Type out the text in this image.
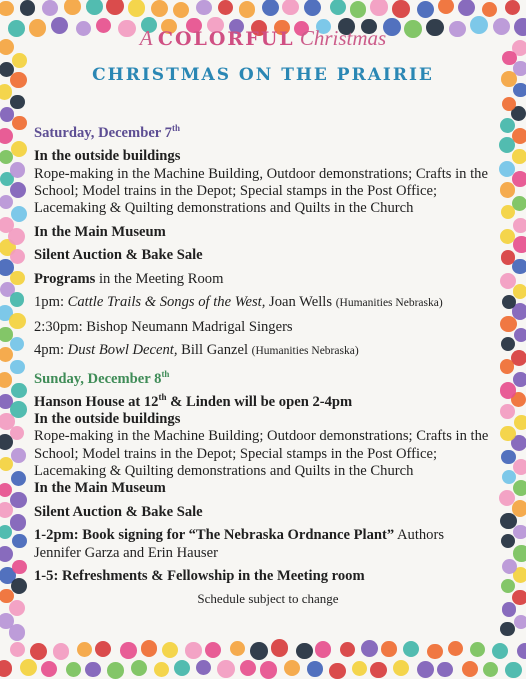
A COLORFUL Christmas
CHRISTMAS ON THE PRAIRIE

Saturday, December 7th

In the outside buildings

Rope-making in the Machine Building, Outdoor demonstrations; Crafts in the School; Model trains in the Depot; Special stamps in the Post Office; Lacemaking & Quilting demonstrations and Quilts in the Church

In the Main Museum

Silent Auction & Bake Sale

Programs in the Meeting Room

1pm: Cattle Trails & Songs of the West, Joan Wells (Humanities Nebraska)

2:30pm: Bishop Neumann Madrigal Singers

4pm: Dust Bowl Decent, Bill Ganzel (Humanities Nebraska)

Sunday, December 8th

Hanson House at 12th & Linden will be open 2-4pm

In the outside buildings

Rope-making in the Machine Building; Outdoor demonstrations; Crafts in the School; Model trains in the Depot; Special stamps in the Post Office; Lacemaking & Quilting demonstrations and Quilts in the Church

In the Main Museum

Silent Auction & Bake Sale

1-2pm: Book signing for “The Nebraska Ordnance Plant” Authors Jennifer Garza and Erin Hauser

1-5: Refreshments & Fellowship in the Meeting room

Schedule subject to change
